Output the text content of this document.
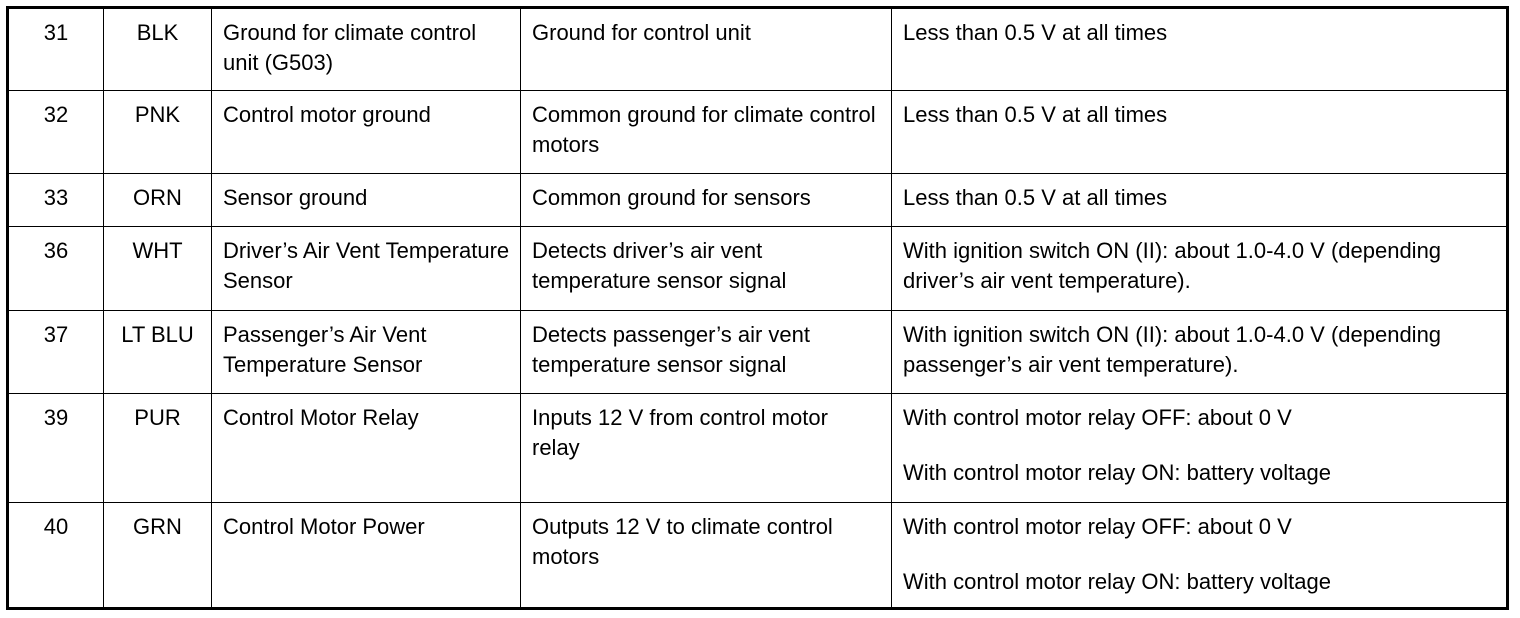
31	BLK	Ground for climate control unit (G503)	Ground for control unit	Less than 0.5 V at all times

32	PNK	Control motor ground	Common ground for climate control motors	Less than 0.5 V at all times

33	ORN	Sensor ground	Common ground for sensors	Less than 0.5 V at all times

36	WHT	Driver’s Air Vent Temperature Sensor	Detects driver’s air vent temperature sensor signal	With ignition switch ON (II): about 1.0-4.0 V (depending driver’s air vent temperature).

37	LT BLU	Passenger’s Air Vent Temperature Sensor	Detects passenger’s air vent temperature sensor signal	With ignition switch ON (II): about 1.0-4.0 V (depending passenger’s air vent temperature).

39	PUR	Control Motor Relay	Inputs 12 V from control motor relay	With control motor relay OFF: about 0 V
With control motor relay ON: battery voltage

40	GRN	Control Motor Power	Outputs 12 V to climate control motors	With control motor relay OFF: about 0 V
With control motor relay ON: battery voltage
